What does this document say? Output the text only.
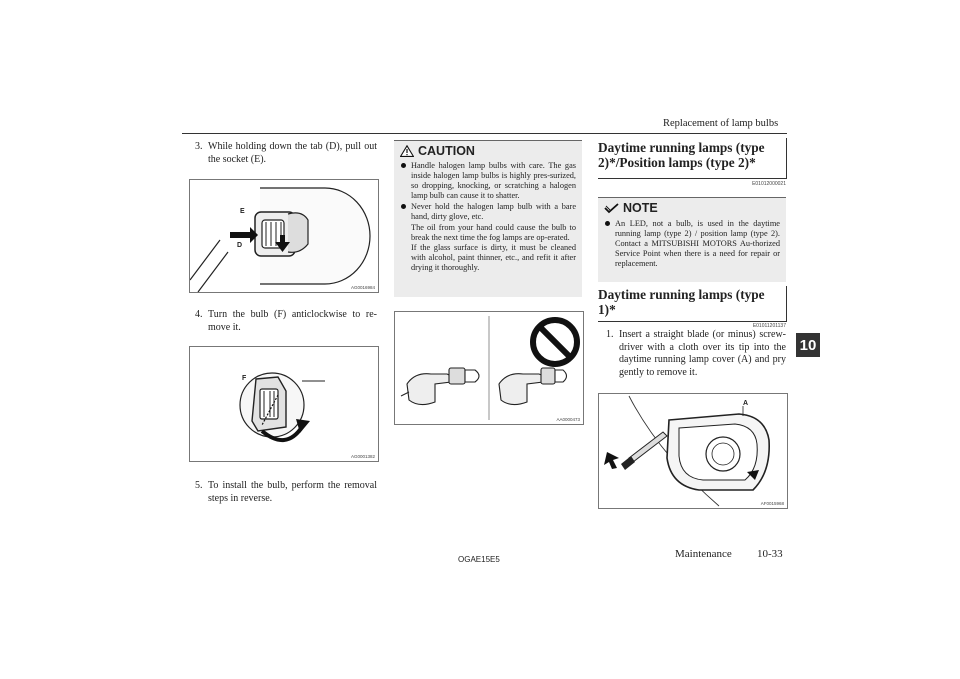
Replacement of lamp bulbs
10
3. While holding down the tab (D), pull out the socket (E).
E
D
AG0016984
4. Turn the bulb (F) anticlockwise to re-move it.
F
AG0001382
5. To install the bulb, perform the removal steps in reverse.
CAUTION

Handle halogen lamp bulbs with care. The gas inside halogen lamp bulbs is highly pres-surized, so dropping, knocking, or scratching a halogen lamp bulb can cause it to shatter.

Never hold the halogen lamp bulb with a bare hand, dirty glove, etc.

The oil from your hand could cause the bulb to break the next time the fog lamps are op-erated.

If the glass surface is dirty, it must be cleaned with alcohol, paint thinner, etc., and refit it after drying it thoroughly.

AA0000473
Daytime running lamps (type
2)*/Position lamps (type 2)*
E01012000021
NOTE

An LED, not a bulb, is used in the daytime running lamp (type 2) / position lamp (type 2). Contact a MITSUBISHI MOTORS Au-thorized Service Point when there is a need for repair or replacement.

Daytime running lamps (type
1)*
E01011201137
1. Insert a straight blade (or minus) screw-driver with a cloth over its tip into the daytime running lamp cover (A) and pry gently to remove it.
A
AF0015968
OGAE15E5	Maintenance 10-33
